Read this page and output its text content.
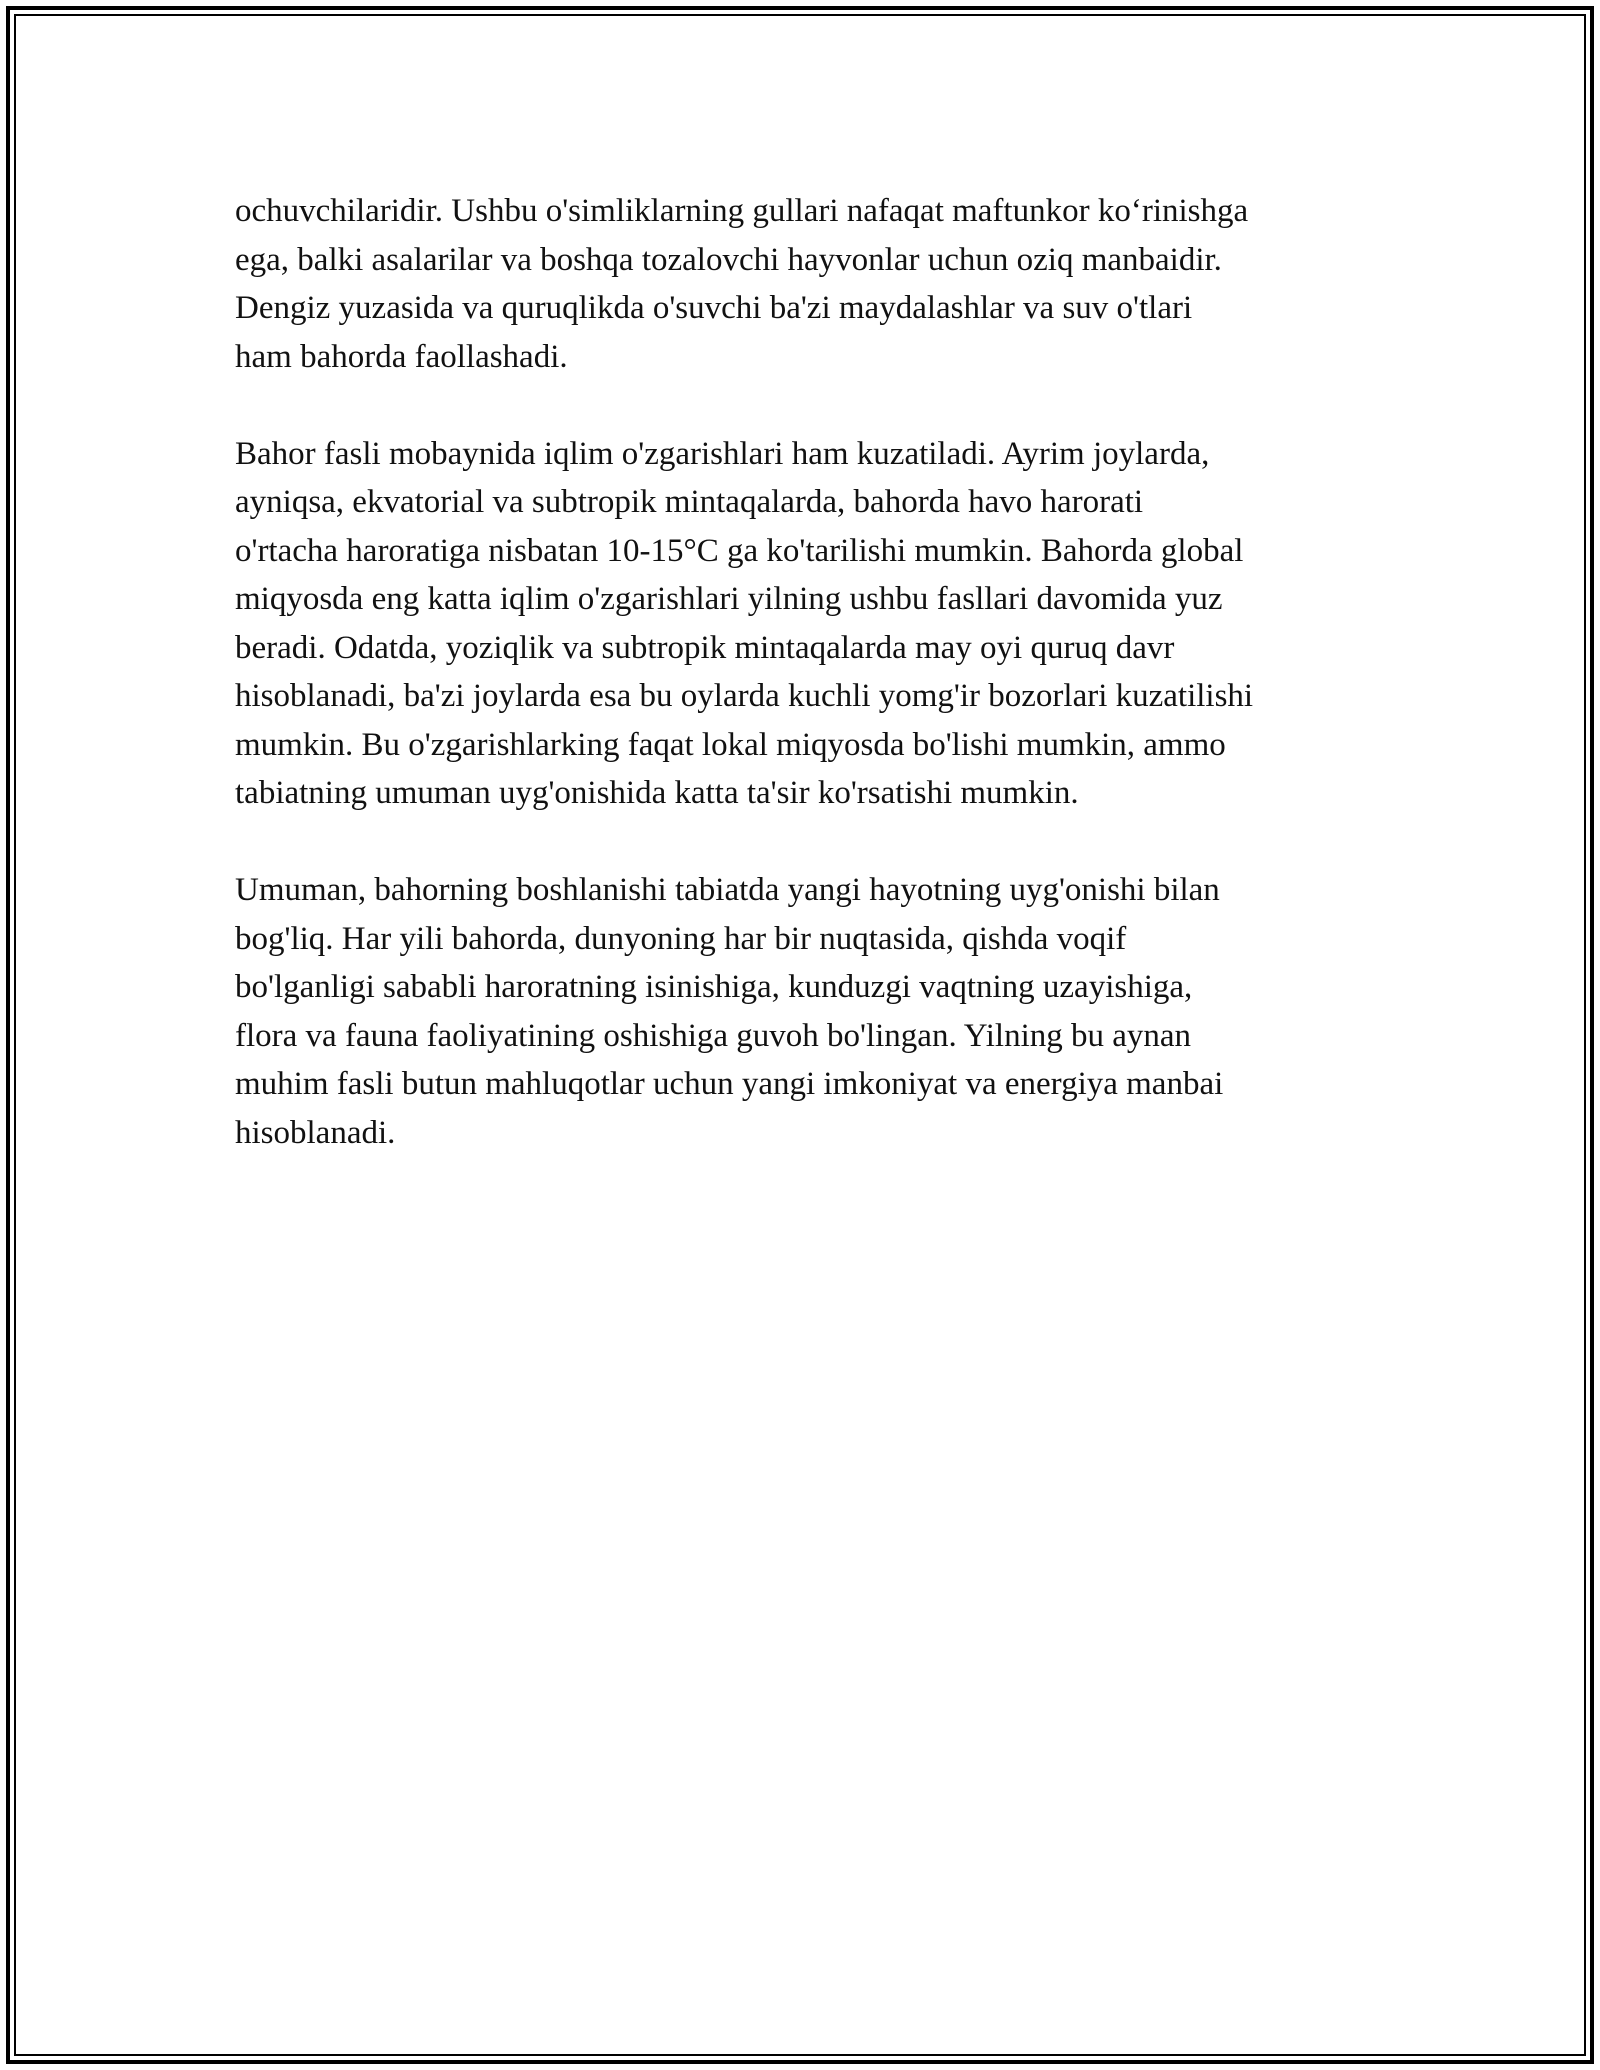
ochuvchilaridir. Ushbu o'simliklarning gullari nafaqat maftunkor ko‘rinishga
ega, balki asalarilar va boshqa tozalovchi hayvonlar uchun oziq manbaidir.
Dengiz yuzasida va quruqlikda o'suvchi ba'zi maydalashlar va suv o'tlari
ham bahorda faollashadi.
Bahor fasli mobaynida iqlim o'zgarishlari ham kuzatiladi. Ayrim joylarda,
ayniqsa, ekvatorial va subtropik mintaqalarda, bahorda havo harorati
o'rtacha haroratiga nisbatan 10-15°C ga ko'tarilishi mumkin. Bahorda global
miqyosda eng katta iqlim o'zgarishlari yilning ushbu fasllari davomida yuz
beradi. Odatda, yoziqlik va subtropik mintaqalarda may oyi quruq davr
hisoblanadi, ba'zi joylarda esa bu oylarda kuchli yomg'ir bozorlari kuzatilishi
mumkin. Bu o'zgarishlarking faqat lokal miqyosda bo'lishi mumkin, ammo
tabiatning umuman uyg'onishida katta ta'sir ko'rsatishi mumkin.
Umuman, bahorning boshlanishi tabiatda yangi hayotning uyg'onishi bilan
bog'liq. Har yili bahorda, dunyoning har bir nuqtasida, qishda voqif
bo'lganligi sababli haroratning isinishiga, kunduzgi vaqtning uzayishiga,
flora va fauna faoliyatining oshishiga guvoh bo'lingan. Yilning bu aynan
muhim fasli butun mahluqotlar uchun yangi imkoniyat va energiya manbai
hisoblanadi.
